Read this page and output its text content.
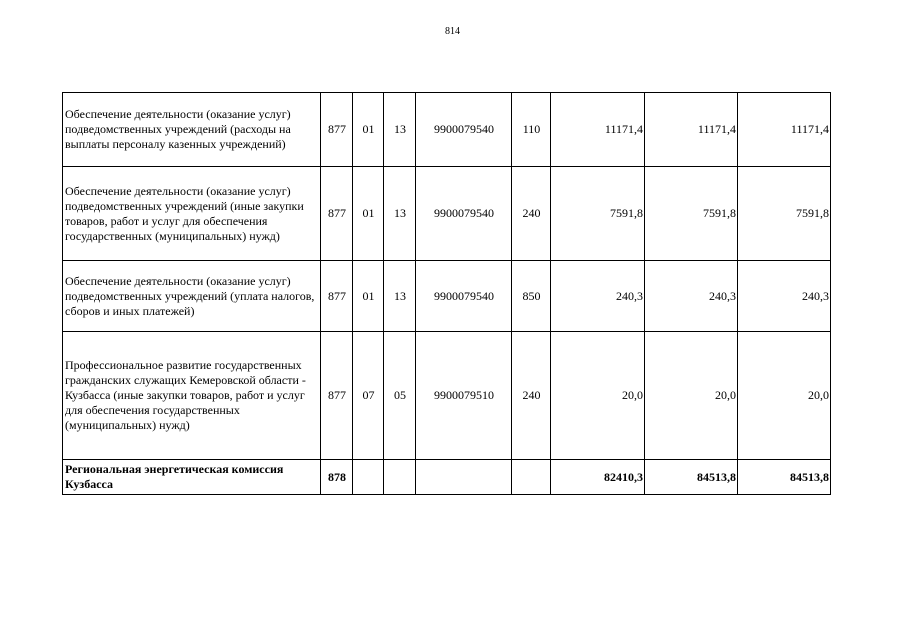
814
Обеспечение деятельности (оказание услуг) подведомственных учреждений (расходы на выплаты персоналу казенных учреждений)	877	01	13	9900079540	110	11171,4	11171,4	11171,4
Обеспечение деятельности (оказание услуг) подведомственных учреждений (иные закупки товаров, работ и услуг для обеспечения государственных (муниципальных) нужд)	877	01	13	9900079540	240	7591,8	7591,8	7591,8
Обеспечение деятельности (оказание услуг) подведомственных учреждений (уплата налогов, сборов и иных платежей)	877	01	13	9900079540	850	240,3	240,3	240,3
Профессиональное развитие государственных гражданских служащих Кемеровской области - Кузбасса (иные закупки товаров, работ и услуг для обеспечения государственных (муниципальных) нужд)	877	07	05	9900079510	240	20,0	20,0	20,0
Региональная энергетическая комиссия Кузбасса	878					82410,3	84513,8	84513,8
